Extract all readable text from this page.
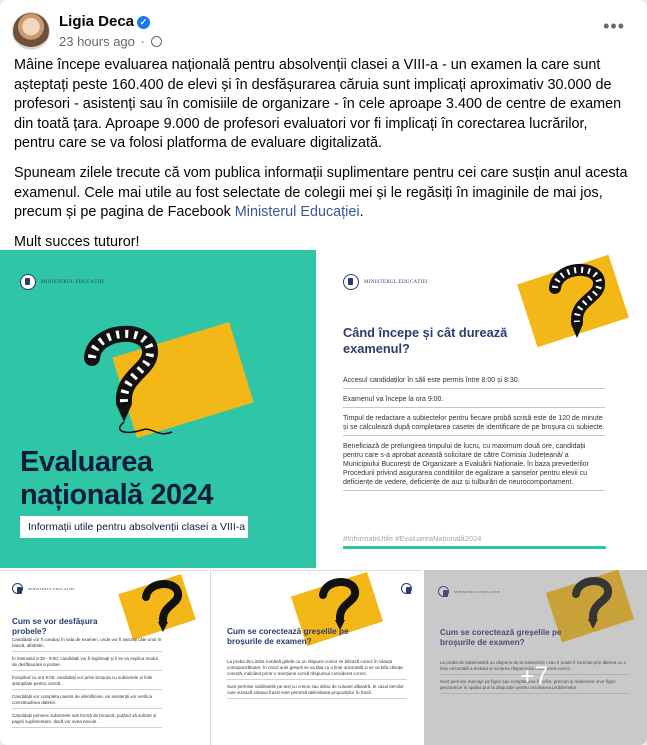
Ligia Deca ✓
23 hours ago ·
•••

Mâine începe evaluarea națională pentru absolvenții clasei a VIII-a - un examen la care sunt așteptați peste 160.400 de elevi și în desfășurarea căruia sunt implicați aproximativ 30.000 de profesori - asistenți sau în comisiile de organizare - în cele aproape 3.400 de centre de examen din toată țara. Aproape 9.000 de profesori evaluatori vor fi implicați în corectarea lucrărilor, pentru care se va folosi platforma de evaluare digitalizată.

Spuneam zilele trecute că vom publica informații suplimentare pentru cei care susțin anul acesta examenul. Cele mai utile au fost selectate de colegii mei și le regăsiți în imaginile de mai jos, precum și pe pagina de Facebook Ministerul Educației.

Mult succes tuturor!

MINISTERUL EDUCAȚIEI
Evaluarea
națională 2024
Informații utile pentru absolvenții clasei a VIII-a
MINISTERUL EDUCAȚIEI
Când începe și cât durează examenul?
Accesul candidaților în săli este permis între 8:00 și 8:30.
Examenul va începe la ora 9:00.
Timpul de redactare a subiectelor pentru fiecare probă scrisă este de 120 de minute și se calculează după completarea casetei de identificare de pe broșura cu subiecte.
Beneficiază de prelungirea timpului de lucru, cu maximum două ore, candidații pentru care s-a aprobat această solicitare de către Comisia Județeană/ a Municipiului București de Organizare a Evaluării Naționale, în baza prevederilor Procedurii privind asigurarea condițiilor de egalizare a șanselor pentru elevii cu deficiențe de vedere, deficiențe de auz și tulburări de neurocomportament.
#InformațiiUtile #EvaluareaNațională2024
MINISTERUL EDUCAȚIEI
Cum se vor desfășura probele?
Candidații vor fi conduși în sala de examen, unde vor fi așezați câte unul în bancă, alfabetic.
În intervalul 8:30 - 9:00, candidații vor fi legitimați și li se va explica modul de desfășurare a probei.
Începând cu ora 9:00, candidații vor primi broșura cu subiectele și foile ștampilate pentru ciornă.
Candidații vor completa caseta de identificare, iar asistenții vor verifica corectitudinea datelor.
Candidații primesc subiectele sub formă de broșură, putând să solicite și pagini suplimentare, dacă vor avea nevoie.
Cum se corectează greșelile pe broșurile de examen?
La proba de Limba română grilele cu un răspuns corect se bifează corect în căsuța corespunzătoare. În cazul unei greșeli se va tăia cu o linie orizontală și se va bifa căsuța corectă, indicând printr-o mențiune scrisă răspunsul considerat corect.
Sunt permise sublinierile pe text cu creion sau stilou de culoare albastră. În cazul itemilor care vizează sintaxa frazei este permisă delimitarea propozițiilor în frază.
MINISTERUL EDUCAȚIEI
Cum se corectează greșelile pe broșurile de examen?
La proba de Matematică un răspuns de la subiectele I sau II poate fi corectat prin tăierea cu o linie orizontală a textului și scrierea răspunsului considerat corect.
Sunt permise marcaje pe figuri sau completarea figurilor, precum și realizarea unor figuri geometrice în spațiul pus la dispoziție pentru rezolvarea problemelor.
+7
